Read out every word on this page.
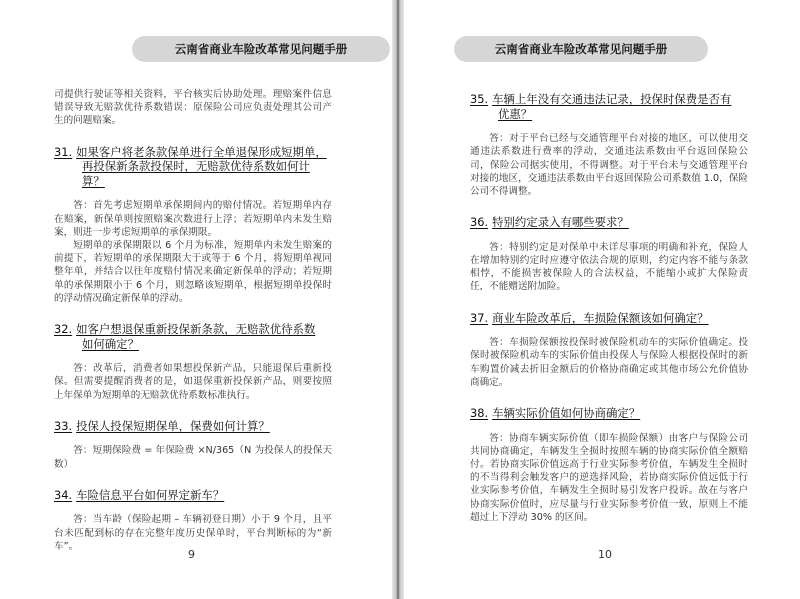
云南省商业车险改革常见问题手册

司提供行驶证等相关资料，平台核实后协助处理。理赔案件信息错误导致无赔款优待系数错误：原保险公司应负责处理其公司产生的问题赔案。

31. 如果客户将老条款保单进行全单退保形成短期单，
再投保新条款投保时，无赔款优待系数如何计算？

答：首先考虑短期单承保期间内的赔付情况。若短期单内存在赔案，新保单则按照赔案次数进行上浮；若短期单内未发生赔案，则进一步考虑短期单的承保期限。

短期单的承保期限以 6 个月为标准，短期单内未发生赔案的前提下，若短期单的承保期限大于或等于 6 个月，将短期单视同整年单，并结合以往年度赔付情况来确定新保单的浮动；若短期单的承保期限小于 6 个月，则忽略该短期单，根据短期单投保时的浮动情况确定新保单的浮动。

32. 如客户想退保重新投保新条款，无赔款优待系数
如何确定？

答：改革后，消费者如果想投保新产品，只能退保后重新投保。但需要提醒消费者的是，如退保重新投保新产品，则要按照上年保单为短期单的无赔款优待系数标准执行。

33. 投保人投保短期保单，保费如何计算？

答：短期保险费 = 年保险费 ×N/365（N 为投保人的投保天数）

34. 车险信息平台如何界定新车？

答：当车龄（保险起期 – 车辆初登日期）小于 9 个月，且平台未匹配到标的存在完整年度历史保单时，平台判断标的为“新车”。

9
云南省商业车险改革常见问题手册
35. 车辆上年没有交通违法记录，投保时保费是否有
优惠？

答：对于平台已经与交通管理平台对接的地区，可以使用交通违法系数进行费率的浮动，交通违法系数由平台返回保险公司，保险公司据实使用，不得调整。对于平台未与交通管理平台对接的地区，交通违法系数由平台返回保险公司系数值 1.0，保险公司不得调整。

36. 特别约定录入有哪些要求？

答：特别约定是对保单中未详尽事项的明确和补充，保险人在增加特别约定时应遵守依法合规的原则，约定内容不能与条款相悖，不能损害被保险人的合法权益，不能缩小或扩大保险责任，不能赠送附加险。

37. 商业车险改革后，车损险保额该如何确定？

答：车损险保额按投保时被保险机动车的实际价值确定。投保时被保险机动车的实际价值由投保人与保险人根据投保时的新车购置价减去折旧金额后的价格协商确定或其他市场公允价值协商确定。

38. 车辆实际价值如何协商确定？

答：协商车辆实际价值（即车损险保额）由客户与保险公司共同协商确定，车辆发生全损时按照车辆的协商实际价值全额赔付。若协商实际价值远高于行业实际参考价值，车辆发生全损时的不当得利会触发客户的逆选择风险，若协商实际价值远低于行业实际参考价值，车辆发生全损时易引发客户投诉。故在与客户协商实际价值时，应尽量与行业实际参考价值一致，原则上不能超过上下浮动 30% 的区间。

10
